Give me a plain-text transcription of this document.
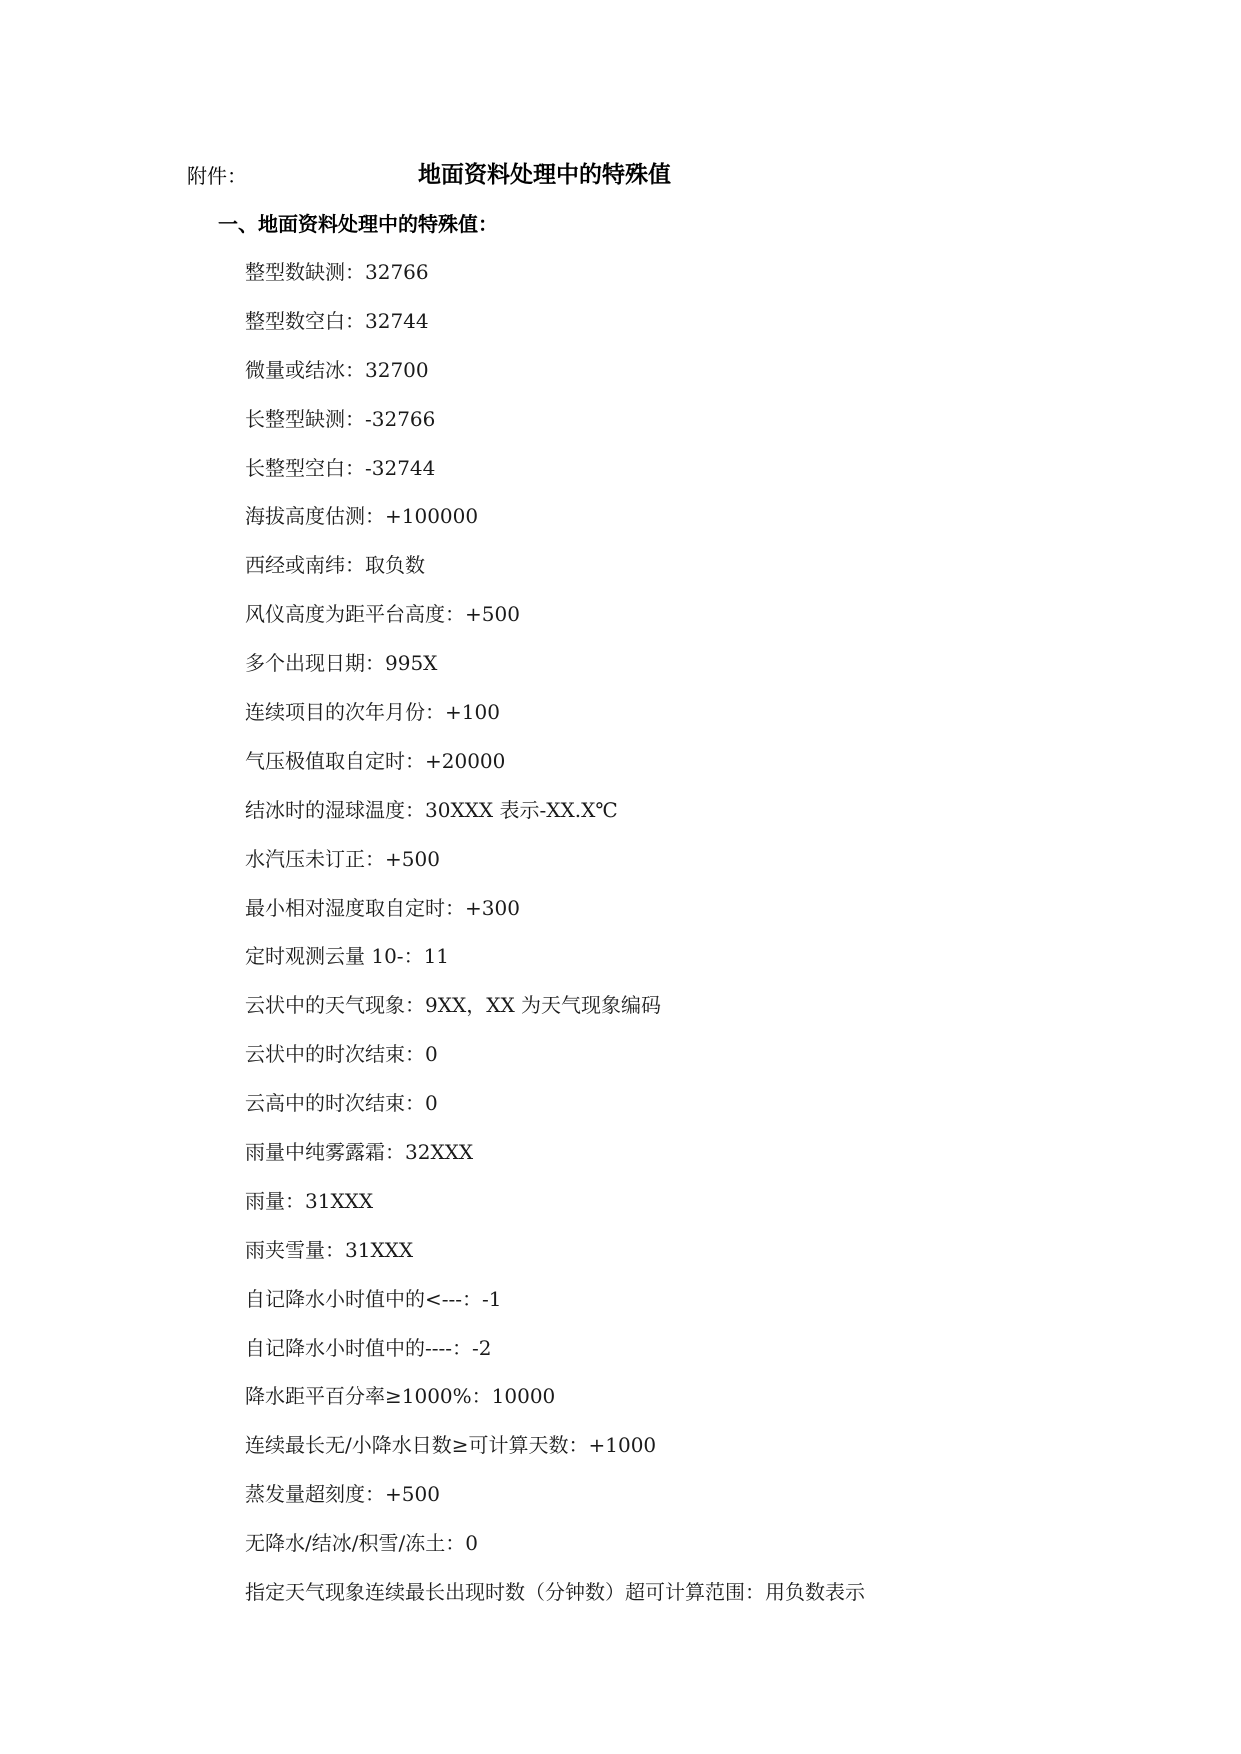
附件：	地面资料处理中的特殊值
一、地面资料处理中的特殊值：
整型数缺测：32766
整型数空白：32744
微量或结冰：32700
长整型缺测：-32766
长整型空白：-32744
海拔高度估测：+100000
西经或南纬：取负数
风仪高度为距平台高度：+500
多个出现日期：995X
连续项目的次年月份：+100
气压极值取自定时：+20000
结冰时的湿球温度：30XXX 表示-XX.X℃
水汽压未订正：+500
最小相对湿度取自定时：+300
定时观测云量 10-：11
云状中的天气现象：9XX，XX 为天气现象编码
云状中的时次结束：0
云高中的时次结束：0
雨量中纯雾露霜：32XXX
雨量：31XXX
雨夹雪量：31XXX
自记降水小时值中的<---：-1
自记降水小时值中的----：-2
降水距平百分率≥1000%：10000
连续最长无/小降水日数≥可计算天数：+1000
蒸发量超刻度：+500
无降水/结冰/积雪/冻土：0
指定天气现象连续最长出现时数（分钟数）超可计算范围：用负数表示
